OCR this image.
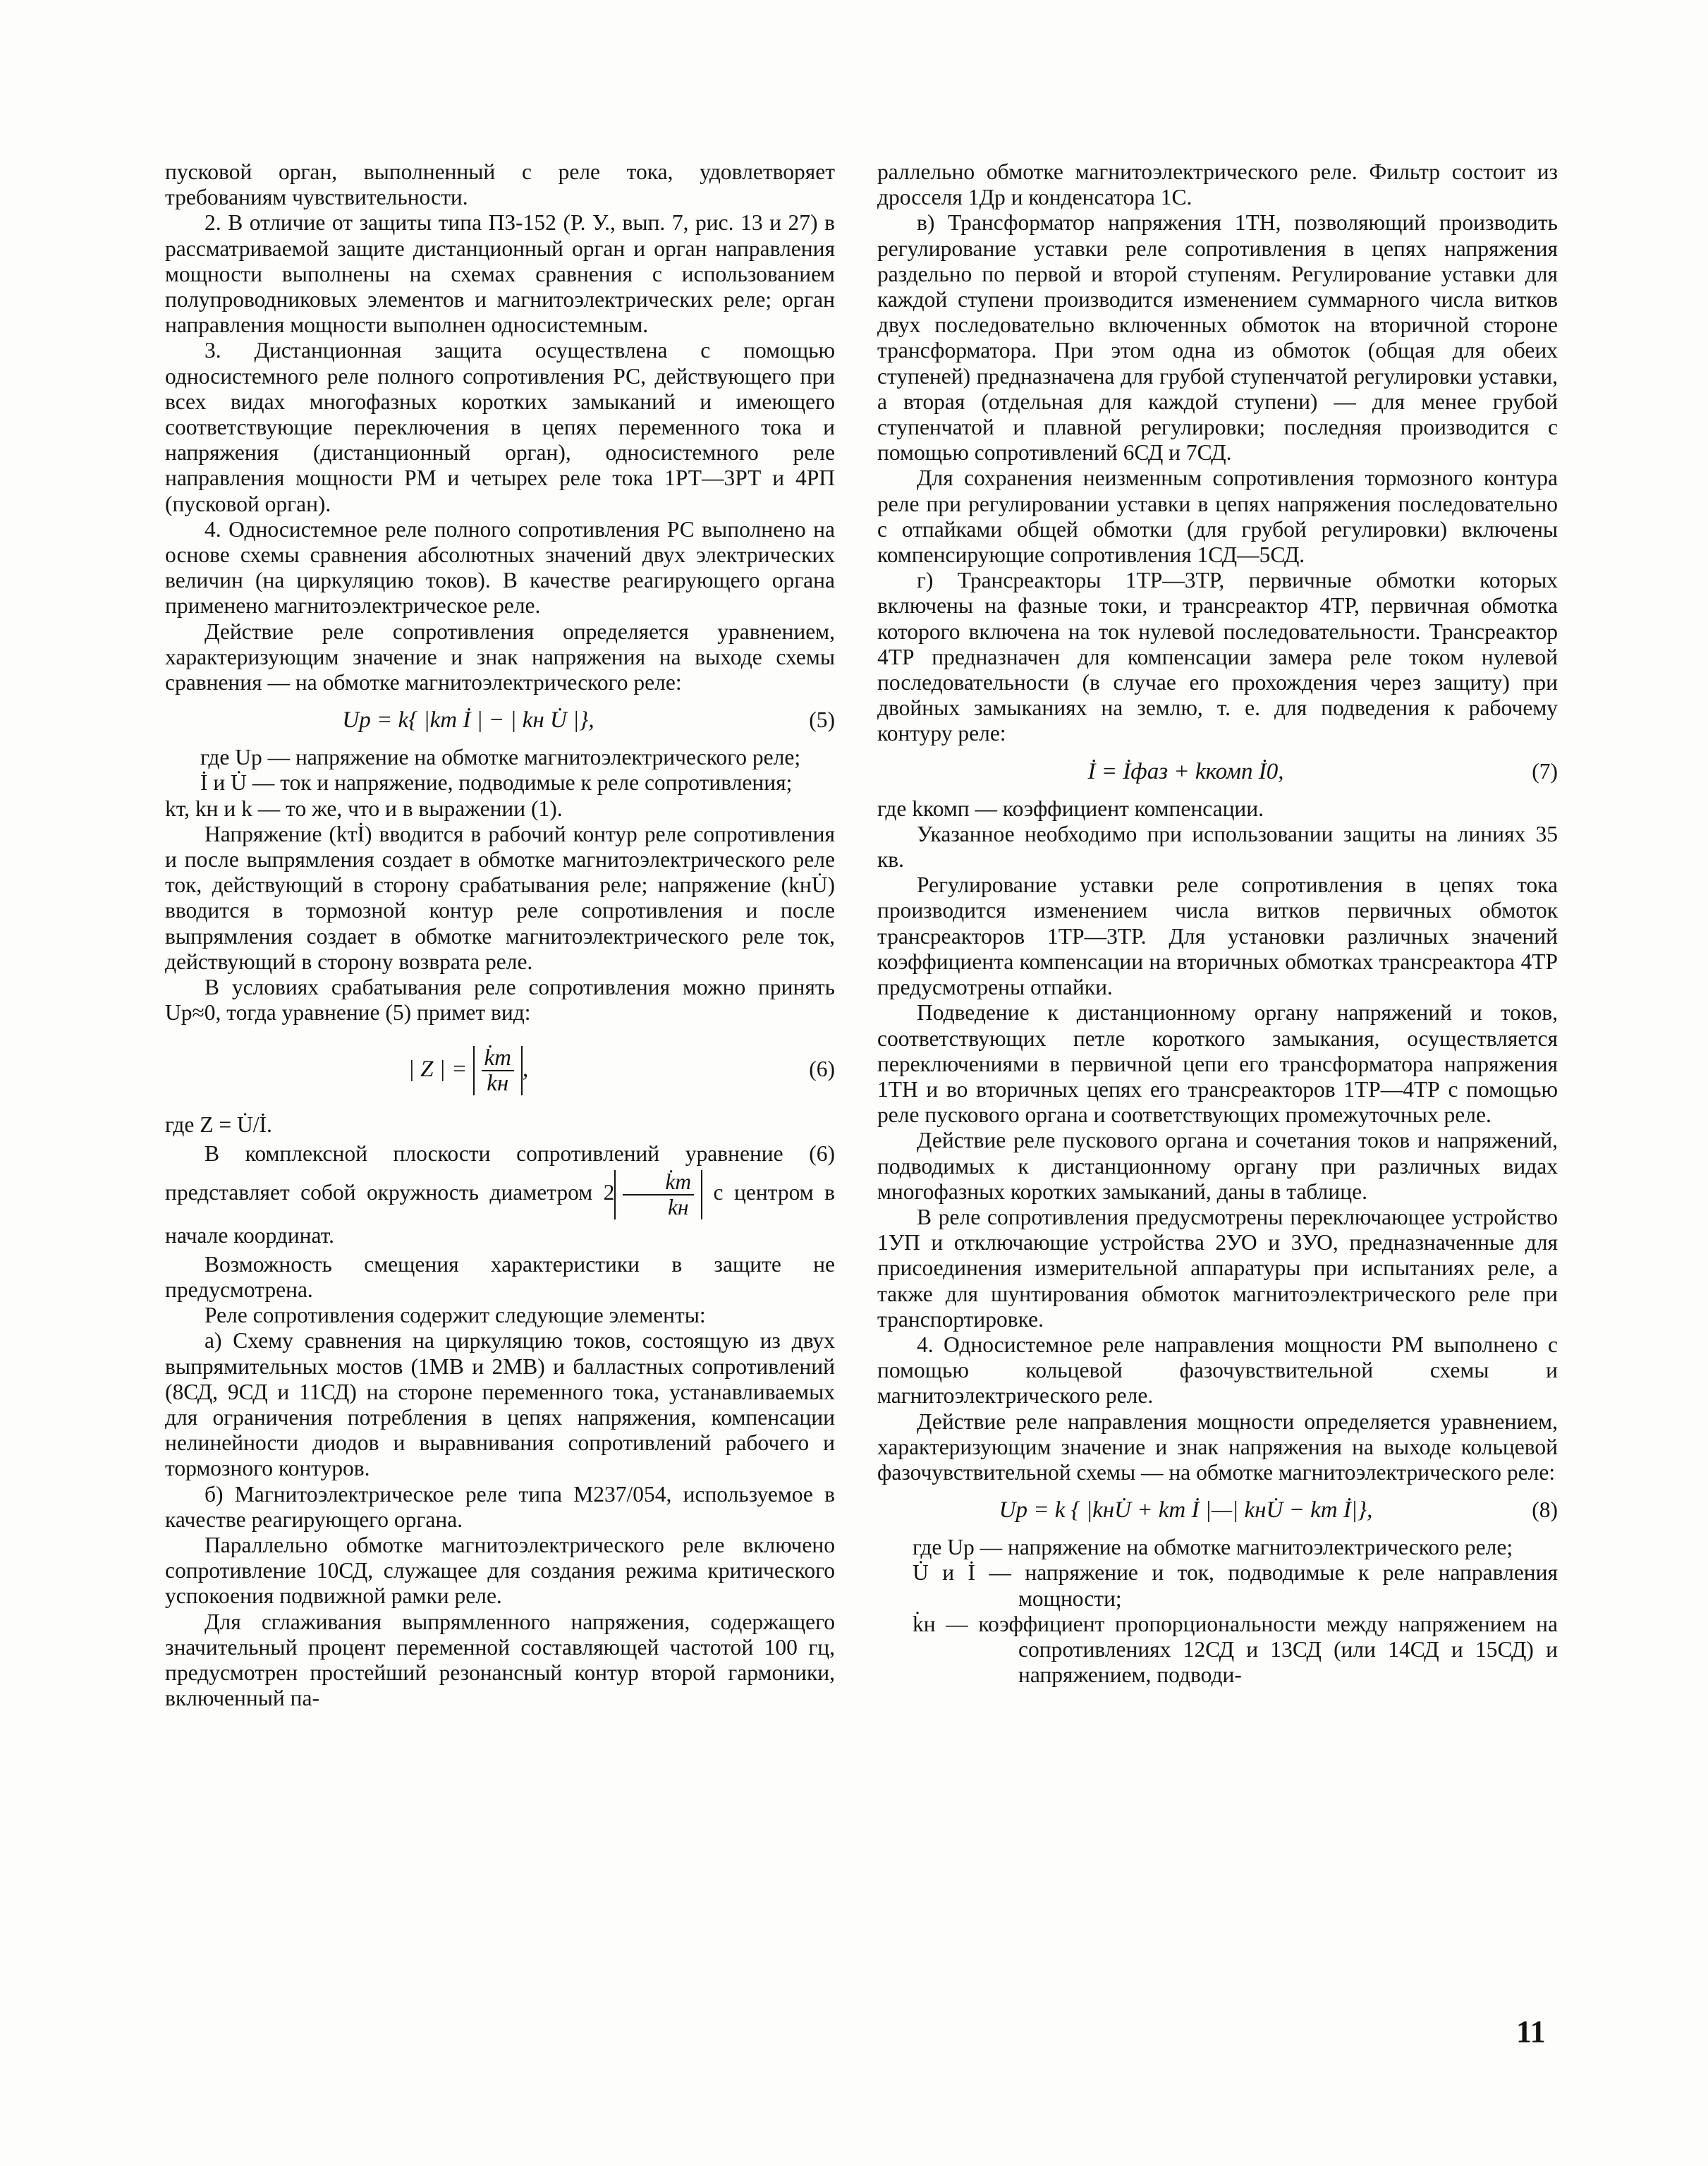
пусковой орган, выполненный с реле тока, удовлетворяет требованиям чувствительности.

2. В отличие от защиты типа ПЗ-152 (Р. У., вып. 7, рис. 13 и 27) в рассматриваемой защите дистанционный орган и орган направления мощности выполнены на схемах сравнения с использованием полупроводниковых элементов и магнитоэлектрических реле; орган направления мощности выполнен односистемным.

3. Дистанционная защита осуществлена с помощью односистемного реле полного сопротивления РС, действующего при всех видах многофазных коротких замыканий и имеющего соответствующие переключения в цепях переменного тока и напряжения (дистанционный орган), односистемного реле направления мощности РМ и четырех реле тока 1РТ—3РТ и 4РП (пусковой орган).

4. Односистемное реле полного сопротивления РС выполнено на основе схемы сравнения абсолютных значений двух электрических величин (на циркуляцию токов). В качестве реагирующего органа применено магнитоэлектрическое реле.

Действие реле сопротивления определяется уравнением, характеризующим значение и знак напряжения на выходе схемы сравнения — на обмотке магнитоэлектрического реле:

Uр = k{ |kт İ | − | kн U̇ |},	(5)

где Uр — напряжение на обмотке магнитоэлектрического реле;

İ и U̇ — ток и напряжение, подводимые к реле сопротивления;

kт, kн и k — то же, что и в выражении (1).

Напряжение (kтİ) вводится в рабочий контур реле сопротивления и после выпрямления создает в обмотке магнитоэлектрического реле ток, действующий в сторону срабатывания реле; напряжение (kнU̇) вводится в тормозной контур реле сопротивления и после выпрямления создает в обмотке магнитоэлектрического реле ток, действующий в сторону возврата реле.

В условиях срабатывания реле сопротивления можно принять Uр≈0, тогда уравнение (5) примет вид:

| Z | = $\frac{k̇т}{kн}$ ,	(6)

где Z = U̇/İ.

В комплексной плоскости сопротивлений уравнение (6) представляет собой окружность диаметром $2 \frac{k̇т}{kн}$ с центром в начале координат.

Возможность смещения характеристики в защите не предусмотрена.

Реле сопротивления содержит следующие элементы:

а) Схему сравнения на циркуляцию токов, состоящую из двух выпрямительных мостов (1МВ и 2МВ) и балластных сопротивлений (8СД, 9СД и 11СД) на стороне переменного тока, устанавливаемых для ограничения потребления в цепях напряжения, компенсации нелинейности диодов и выравнивания сопротивлений рабочего и тормозного контуров.

б) Магнитоэлектрическое реле типа М237/054, используемое в качестве реагирующего органа.

Параллельно обмотке магнитоэлектрического реле включено сопротивление 10СД, служащее для создания режима критического успокоения подвижной рамки реле.

Для сглаживания выпрямленного напряжения, содержащего значительный процент переменной составляющей частотой 100 гц, предусмотрен простейший резонансный контур второй гармоники, включенный па-

раллельно обмотке магнитоэлектрического реле. Фильтр состоит из дросселя 1Др и конденсатора 1С.

в) Трансформатор напряжения 1ТН, позволяющий производить регулирование уставки реле сопротивления в цепях напряжения раздельно по первой и второй ступеням. Регулирование уставки для каждой ступени производится изменением суммарного числа витков двух последовательно включенных обмоток на вторичной стороне трансформатора. При этом одна из обмоток (общая для обеих ступеней) предназначена для грубой ступенчатой регулировки уставки, а вторая (отдельная для каждой ступени) — для менее грубой ступенчатой и плавной регулировки; последняя производится с помощью сопротивлений 6СД и 7СД.

Для сохранения неизменным сопротивления тормозного контура реле при регулировании уставки в цепях напряжения последовательно с отпайками общей обмотки (для грубой регулировки) включены компенсирующие сопротивления 1СД—5СД.

г) Трансреакторы 1ТР—3ТР, первичные обмотки которых включены на фазные токи, и трансреактор 4ТР, первичная обмотка которого включена на ток нулевой последовательности. Трансреактор 4ТР предназначен для компенсации замера реле током нулевой последовательности (в случае его прохождения через защиту) при двойных замыканиях на землю, т. е. для подведения к рабочему контуру реле:

İ = İфаз + kкомп İ0,	(7)

где kкомп — коэффициент компенсации.

Указанное необходимо при использовании защиты на линиях 35 кв.

Регулирование уставки реле сопротивления в цепях тока производится изменением числа витков первичных обмоток трансреакторов 1ТР—3ТР. Для установки различных значений коэффициента компенсации на вторичных обмотках трансреактора 4ТР предусмотрены отпайки.

Подведение к дистанционному органу напряжений и токов, соответствующих петле короткого замыкания, осуществляется переключениями в первичной цепи его трансформатора напряжения 1ТН и во вторичных цепях его трансреакторов 1ТР—4ТР с помощью реле пускового органа и соответствующих промежуточных реле.

Действие реле пускового органа и сочетания токов и напряжений, подводимых к дистанционному органу при различных видах многофазных коротких замыканий, даны в таблице.

В реле сопротивления предусмотрены переключающее устройство 1УП и отключающие устройства 2УО и 3УО, предназначенные для присоединения измерительной аппаратуры при испытаниях реле, а также для шунтирования обмоток магнитоэлектрического реле при транспортировке.

4. Односистемное реле направления мощности РМ выполнено с помощью кольцевой фазочувствительной схемы и магнитоэлектрического реле.

Действие реле направления мощности определяется уравнением, характеризующим значение и знак напряжения на выходе кольцевой фазочувствительной схемы — на обмотке магнитоэлектрического реле:

Uр = k { |kнU̇ + kт İ |—| kнU̇ − kт İ|},	(8)

где Uр — напряжение на обмотке магнитоэлектрического реле;

U̇ и İ — напряжение и ток, подводимые к реле направления мощности;

k̇н — коэффициент пропорциональности между напряжением на сопротивлениях 12СД и 13СД (или 14СД и 15СД) и напряжением, подводи-

11
